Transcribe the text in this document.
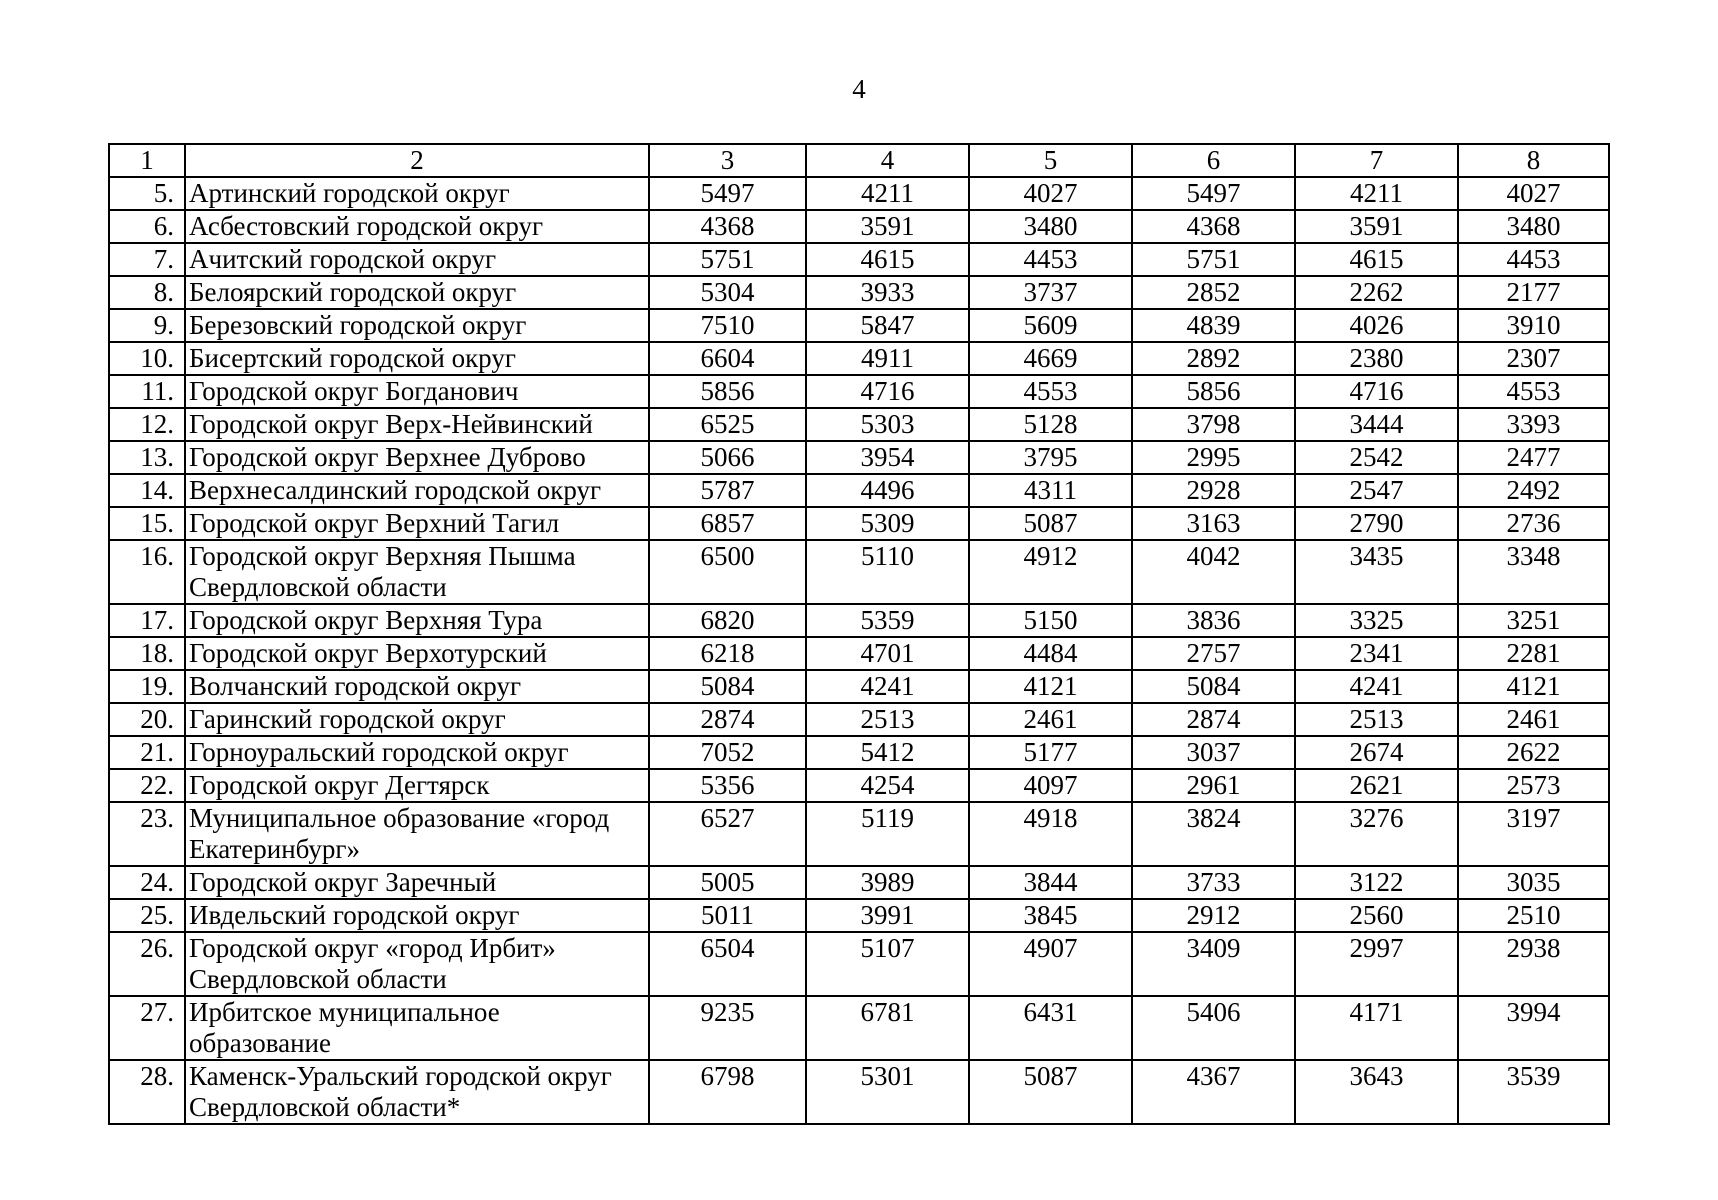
4
1	2	3	4	5	6	7	8
5.	Артинский городской округ	5497	4211	4027	5497	4211	4027
6.	Асбестовский городской округ	4368	3591	3480	4368	3591	3480
7.	Ачитский городской округ	5751	4615	4453	5751	4615	4453
8.	Белоярский городской округ	5304	3933	3737	2852	2262	2177
9.	Березовский городской округ	7510	5847	5609	4839	4026	3910
10.	Бисертский городской округ	6604	4911	4669	2892	2380	2307
11.	Городской округ Богданович	5856	4716	4553	5856	4716	4553
12.	Городской округ Верх-Нейвинский	6525	5303	5128	3798	3444	3393
13.	Городской округ Верхнее Дуброво	5066	3954	3795	2995	2542	2477
14.	Верхнесалдинский городской округ	5787	4496	4311	2928	2547	2492
15.	Городской округ Верхний Тагил	6857	5309	5087	3163	2790	2736
16.	Городской округ Верхняя Пышма Свердловской области	6500	5110	4912	4042	3435	3348
17.	Городской округ Верхняя Тура	6820	5359	5150	3836	3325	3251
18.	Городской округ Верхотурский	6218	4701	4484	2757	2341	2281
19.	Волчанский городской округ	5084	4241	4121	5084	4241	4121
20.	Гаринский городской округ	2874	2513	2461	2874	2513	2461
21.	Горноуральский городской округ	7052	5412	5177	3037	2674	2622
22.	Городской округ Дегтярск	5356	4254	4097	2961	2621	2573
23.	Муниципальное образование «город Екатеринбург»	6527	5119	4918	3824	3276	3197
24.	Городской округ Заречный	5005	3989	3844	3733	3122	3035
25.	Ивдельский городской округ	5011	3991	3845	2912	2560	2510
26.	Городской округ «город Ирбит» Свердловской области	6504	5107	4907	3409	2997	2938
27.	Ирбитское муниципальное образование	9235	6781	6431	5406	4171	3994
28.	Каменск-Уральский городской округ Свердловской области*	6798	5301	5087	4367	3643	3539
